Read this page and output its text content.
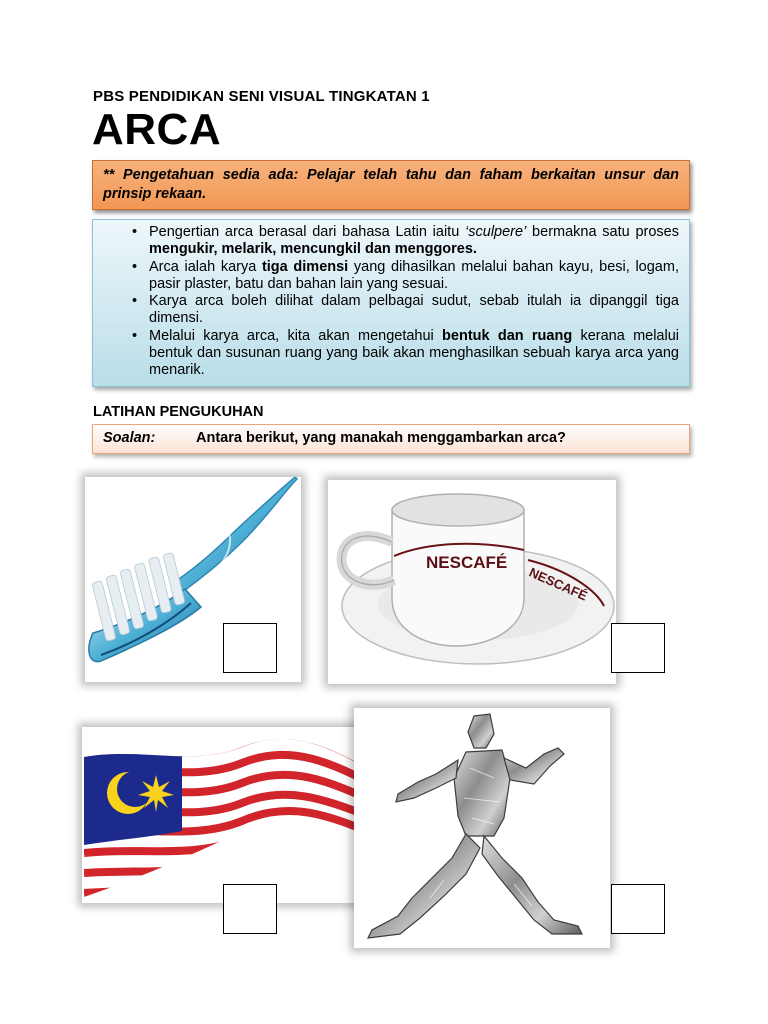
PBS PENDIDIKAN SENI VISUAL TINGKATAN 1
ARCA
** Pengetahuan sedia ada: Pelajar telah tahu dan faham berkaitan unsur dan prinsip rekaan.
• Pengertian arca berasal dari bahasa Latin iaitu ‘sculpere’ bermakna satu proses mengukir, melarik, mencungkil dan menggores.
• Arca ialah karya tiga dimensi yang dihasilkan melalui bahan kayu, besi, logam, pasir plaster, batu dan bahan lain yang sesuai.
• Karya arca boleh dilihat dalam pelbagai sudut, sebab itulah ia dipanggil tiga dimensi.
• Melalui karya arca, kita akan mengetahui bentuk dan ruang kerana melalui bentuk dan susunan ruang yang baik akan menghasilkan sebuah karya arca yang menarik.
LATIHAN PENGUKUHAN
Soalan:	Antara berikut, yang manakah menggambarkan arca?
NESCAFÉ
NESCAFÉ
